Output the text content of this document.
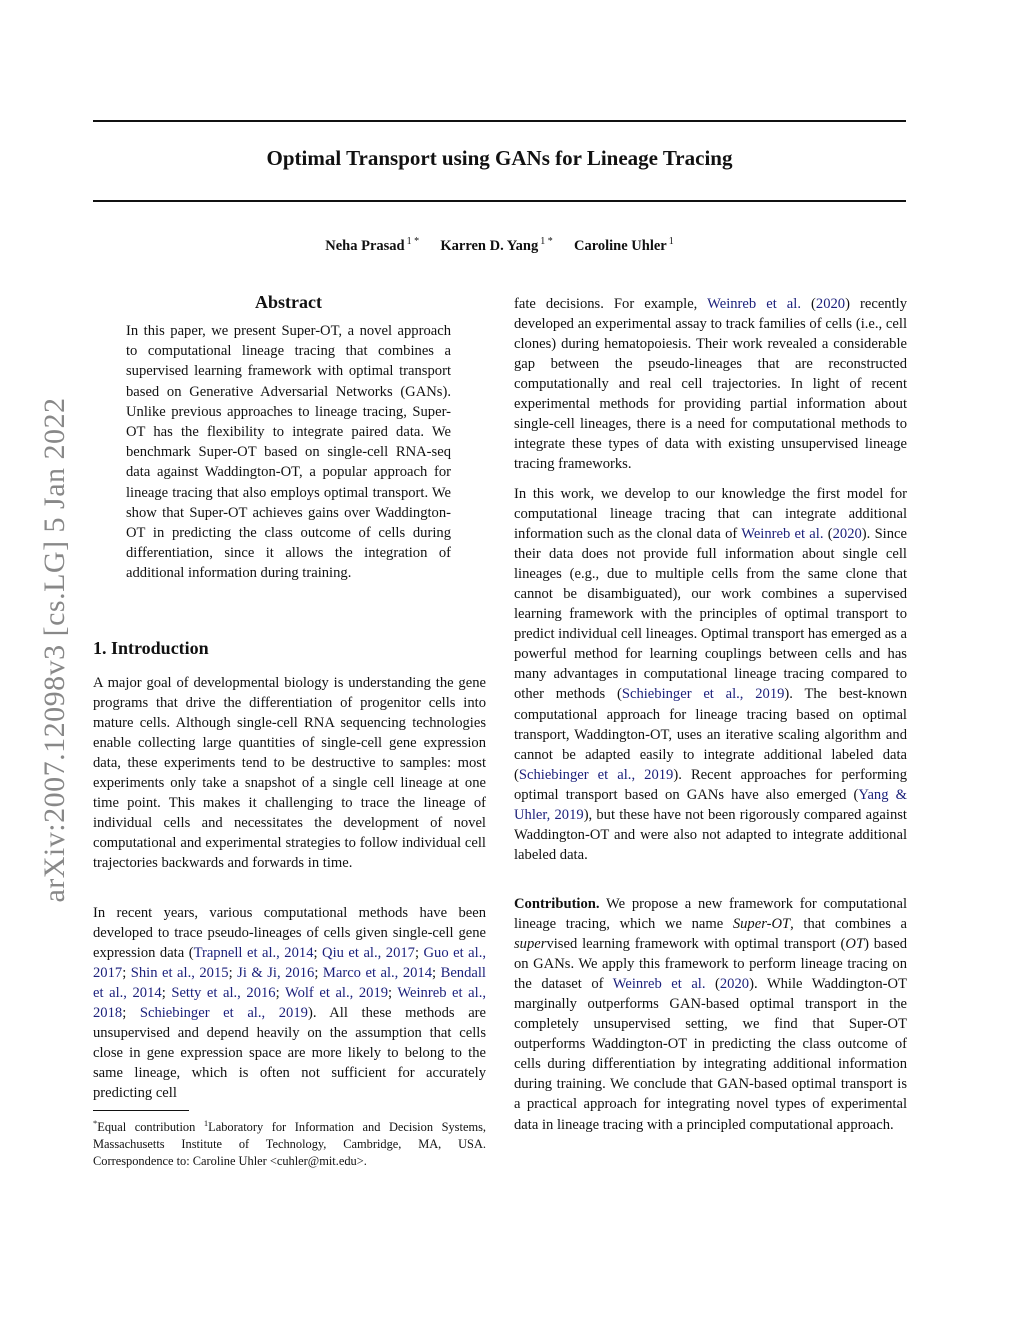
arXiv:2007.12098v3 [cs.LG] 5 Jan 2022
Optimal Transport using GANs for Lineage Tracing
Neha Prasad $^{1 *}$ Karren D. Yang $^{1 *}$ Caroline Uhler $^1$
Abstract

In this paper, we present Super-OT, a novel approach to computational lineage tracing that combines a supervised learning framework with optimal transport based on Generative Adversarial Networks (GANs). Unlike previous approaches to lineage tracing, Super-OT has the flexibility to integrate paired data. We benchmark Super-OT based on single-cell RNA-seq data against Waddington-OT, a popular approach for lineage tracing that also employs optimal transport. We show that Super-OT achieves gains over Waddington-OT in predicting the class outcome of cells during differentiation, since it allows the integration of additional information during training.

1. Introduction

A major goal of developmental biology is understanding the gene programs that drive the differentiation of progenitor cells into mature cells. Although single-cell RNA sequencing technologies enable collecting large quantities of single-cell gene expression data, these experiments tend to be destructive to samples: most experiments only take a snapshot of a single cell lineage at one time point. This makes it challenging to trace the lineage of individual cells and necessitates the development of novel computational and experimental strategies to follow individual cell trajectories backwards and forwards in time.

In recent years, various computational methods have been developed to trace pseudo-lineages of cells given single-cell gene expression data (Trapnell et al., 2014; Qiu et al., 2017; Guo et al., 2017; Shin et al., 2015; Ji & Ji, 2016; Marco et al., 2014; Bendall et al., 2014; Setty et al., 2016; Wolf et al., 2019; Weinreb et al., 2018; Schiebinger et al., 2019). All these methods are unsupervised and depend heavily on the assumption that cells close in gene expression space are more likely to belong to the same lineage, which is often not sufficient for accurately predicting cell

*Equal contribution $^1$Laboratory for Information and Decision Systems, Massachusetts Institute of Technology, Cambridge, MA, USA. Correspondence to: Caroline Uhler <cuhler@mit.edu>.

fate decisions. For example, Weinreb et al. (2020) recently developed an experimental assay to track families of cells (i.e., cell clones) during hematopoiesis. Their work revealed a considerable gap between the pseudo-lineages that are reconstructed computationally and real cell trajectories. In light of recent experimental methods for providing partial information about single-cell lineages, there is a need for computational methods to integrate these types of data with existing unsupervised lineage tracing frameworks.

In this work, we develop to our knowledge the first model for computational lineage tracing that can integrate additional information such as the clonal data of Weinreb et al. (2020). Since their data does not provide full information about single cell lineages (e.g., due to multiple cells from the same clone that cannot be disambiguated), our work combines a supervised learning framework with the principles of optimal transport to predict individual cell lineages. Optimal transport has emerged as a powerful method for learning couplings between cells and has many advantages in computational lineage tracing compared to other methods (Schiebinger et al., 2019). The best-known computational approach for lineage tracing based on optimal transport, Waddington-OT, uses an iterative scaling algorithm and cannot be adapted easily to integrate additional labeled data (Schiebinger et al., 2019). Recent approaches for performing optimal transport based on GANs have also emerged (Yang & Uhler, 2019), but these have not been rigorously compared against Waddington-OT and were also not adapted to integrate additional labeled data.

Contribution. We propose a new framework for computational lineage tracing, which we name Super-OT, that combines a supervised learning framework with optimal transport (OT) based on GANs. We apply this framework to perform lineage tracing on the dataset of Weinreb et al. (2020). While Waddington-OT marginally outperforms GAN-based optimal transport in the completely unsupervised setting, we find that Super-OT outperforms Waddington-OT in predicting the class outcome of cells during differentiation by integrating additional information during training. We conclude that GAN-based optimal transport is a practical approach for integrating novel types of experimental data in lineage tracing with a principled computational approach.
